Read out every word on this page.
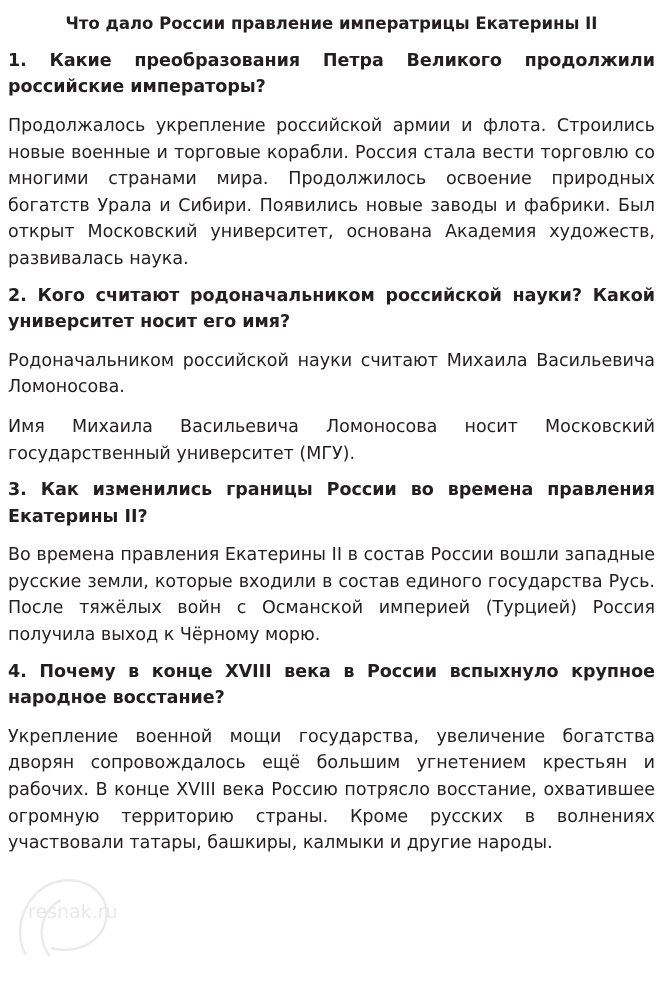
Что дало России правление императрицы Екатерины II
1. Какие преобразования Петра Великого продолжили российские императоры?
Продолжалось укрепление российской армии и флота. Строились новые военные и торговые корабли. Россия стала вести торговлю со многими странами мира. Продолжилось освоение природных богатств Урала и Сибири. Появились новые заводы и фабрики. Был открыт Московский университет, основана Академия художеств, развивалась наука.
2. Кого считают родоначальником российской науки? Какой университет носит его имя?
Родоначальником российской науки считают Михаила Васильевича Ломоносова.
Имя Михаила Васильевича Ломоносова носит Московский государственный университет (МГУ).
3. Как изменились границы России во времена правления Екатерины II?
Во времена правления Екатерины II в состав России вошли западные русские земли, которые входили в состав единого государства Русь. После тяжёлых войн с Османской империей (Турцией) Россия получила выход к Чёрному морю.
4. Почему в конце XVIII века в России вспыхнуло крупное народное восстание?
Укрепление военной мощи государства, увеличение богатства дворян сопровождалось ещё большим угнетением крестьян и рабочих. В конце XVIII века Россию потрясло восстание, охватившее огромную территорию страны. Кроме русских в волнениях участвовали татары, башкиры, калмыки и другие народы.
resnak.ru
